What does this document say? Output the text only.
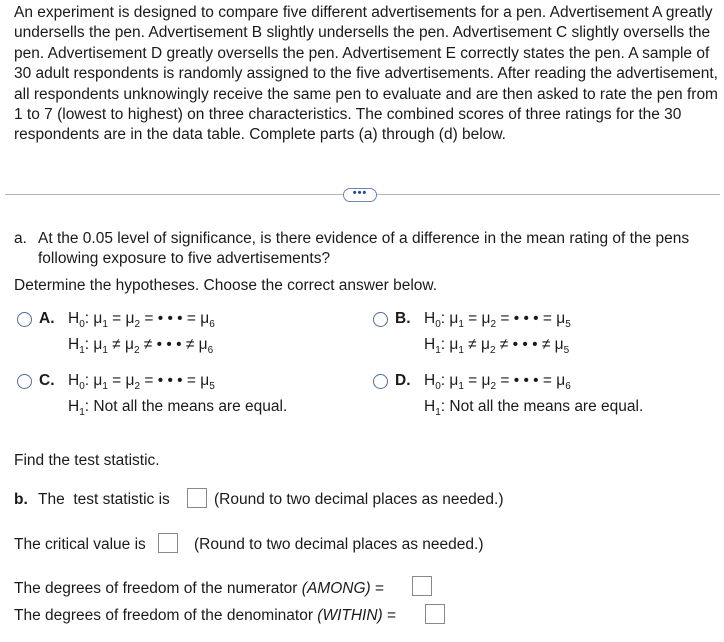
An experiment is designed to compare five different advertisements for a pen. Advertisement A greatly undersells the pen. Advertisement B slightly undersells the pen. Advertisement C slightly oversells the pen. Advertisement D greatly oversells the pen. Advertisement E correctly states the pen. A sample of 30 adult respondents is randomly assigned to the five advertisements. After reading the advertisement, all respondents unknowingly receive the same pen to evaluate and are then asked to rate the pen from 1 to 7 (lowest to highest) on three characteristics. The combined scores of three ratings for the 30 respondents are in the data table. Complete parts (a) through (d) below.
•••
a. At the 0.05 level of significance, is there evidence of a difference in the mean rating of the pens
following exposure to five advertisements?
Determine the hypotheses. Choose the correct answer below.
A. $H_0$: $\mu_1 = \mu_2$ = • • • = $\mu_6$
$H_1$: $\mu_1 \ne \mu_2$ ≠ • • • ≠ $\mu_6$
B. $H_0$: $\mu_1 = \mu_2$ = • • • = $\mu_5$
$H_1$: $\mu_1 \ne \mu_2$ ≠ • • • ≠ $\mu_5$
C. $H_0$: $\mu_1 = \mu_2$ = • • • = $\mu_5$
$H_1$: Not all the means are equal.
D. $H_0$: $\mu_1 = \mu_2$ = • • • = $\mu_6$
$H_1$: Not all the means are equal.
Find the test statistic.
b. The  test statistic is	(Round to two decimal places as needed.)
The critical value is	(Round to two decimal places as needed.)
The degrees of freedom of the numerator (AMONG) =
The degrees of freedom of the denominator (WITHIN) =
